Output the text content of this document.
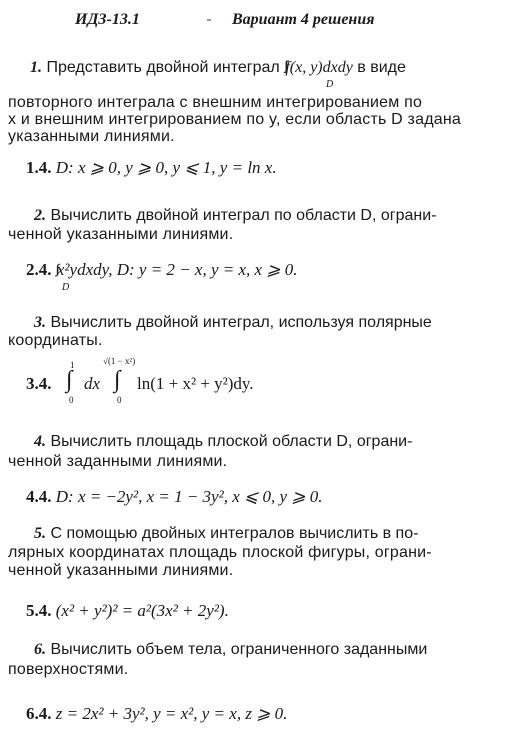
ИДЗ-13.1	Вариант 4 решения
1. Представить двойной интеграл ∫∫f(x, y)dxdy в виде
D
повторного интеграла с внешним интегрированием по
x и внешним интегрированием по y, если область D задана
указанными линиями.
1.4. D: x ⩾ 0, y ⩾ 0, y ⩽ 1, y = ln x.
2. Вычислить двойной интеграл по области D, ограни-
ченной указанными линиями.
2.4. ∫∫x²ydxdy, D: y = 2 − x, y = x, x ⩾ 0.
D
3. Вычислить двойной интеграл, используя полярные
координаты.
3.4.
1
∫
0
dx
√(1 − x²)
∫
0
ln(1 + x² + y²)dy.
4. Вычислить площадь плоской области D, ограни-
ченной заданными линиями.
4.4. D: x = −2y², x = 1 − 3y², x ⩽ 0, y ⩾ 0.
5. С помощью двойных интегралов вычислить в по-
лярных координатах площадь плоской фигуры, ограни-
ченной указанными линиями.
5.4. (x² + y²)² = a²(3x² + 2y²).
6. Вычислить объем тела, ограниченного заданными
поверхностями.
6.4. z = 2x² + 3y², y = x², y = x, z ⩾ 0.
